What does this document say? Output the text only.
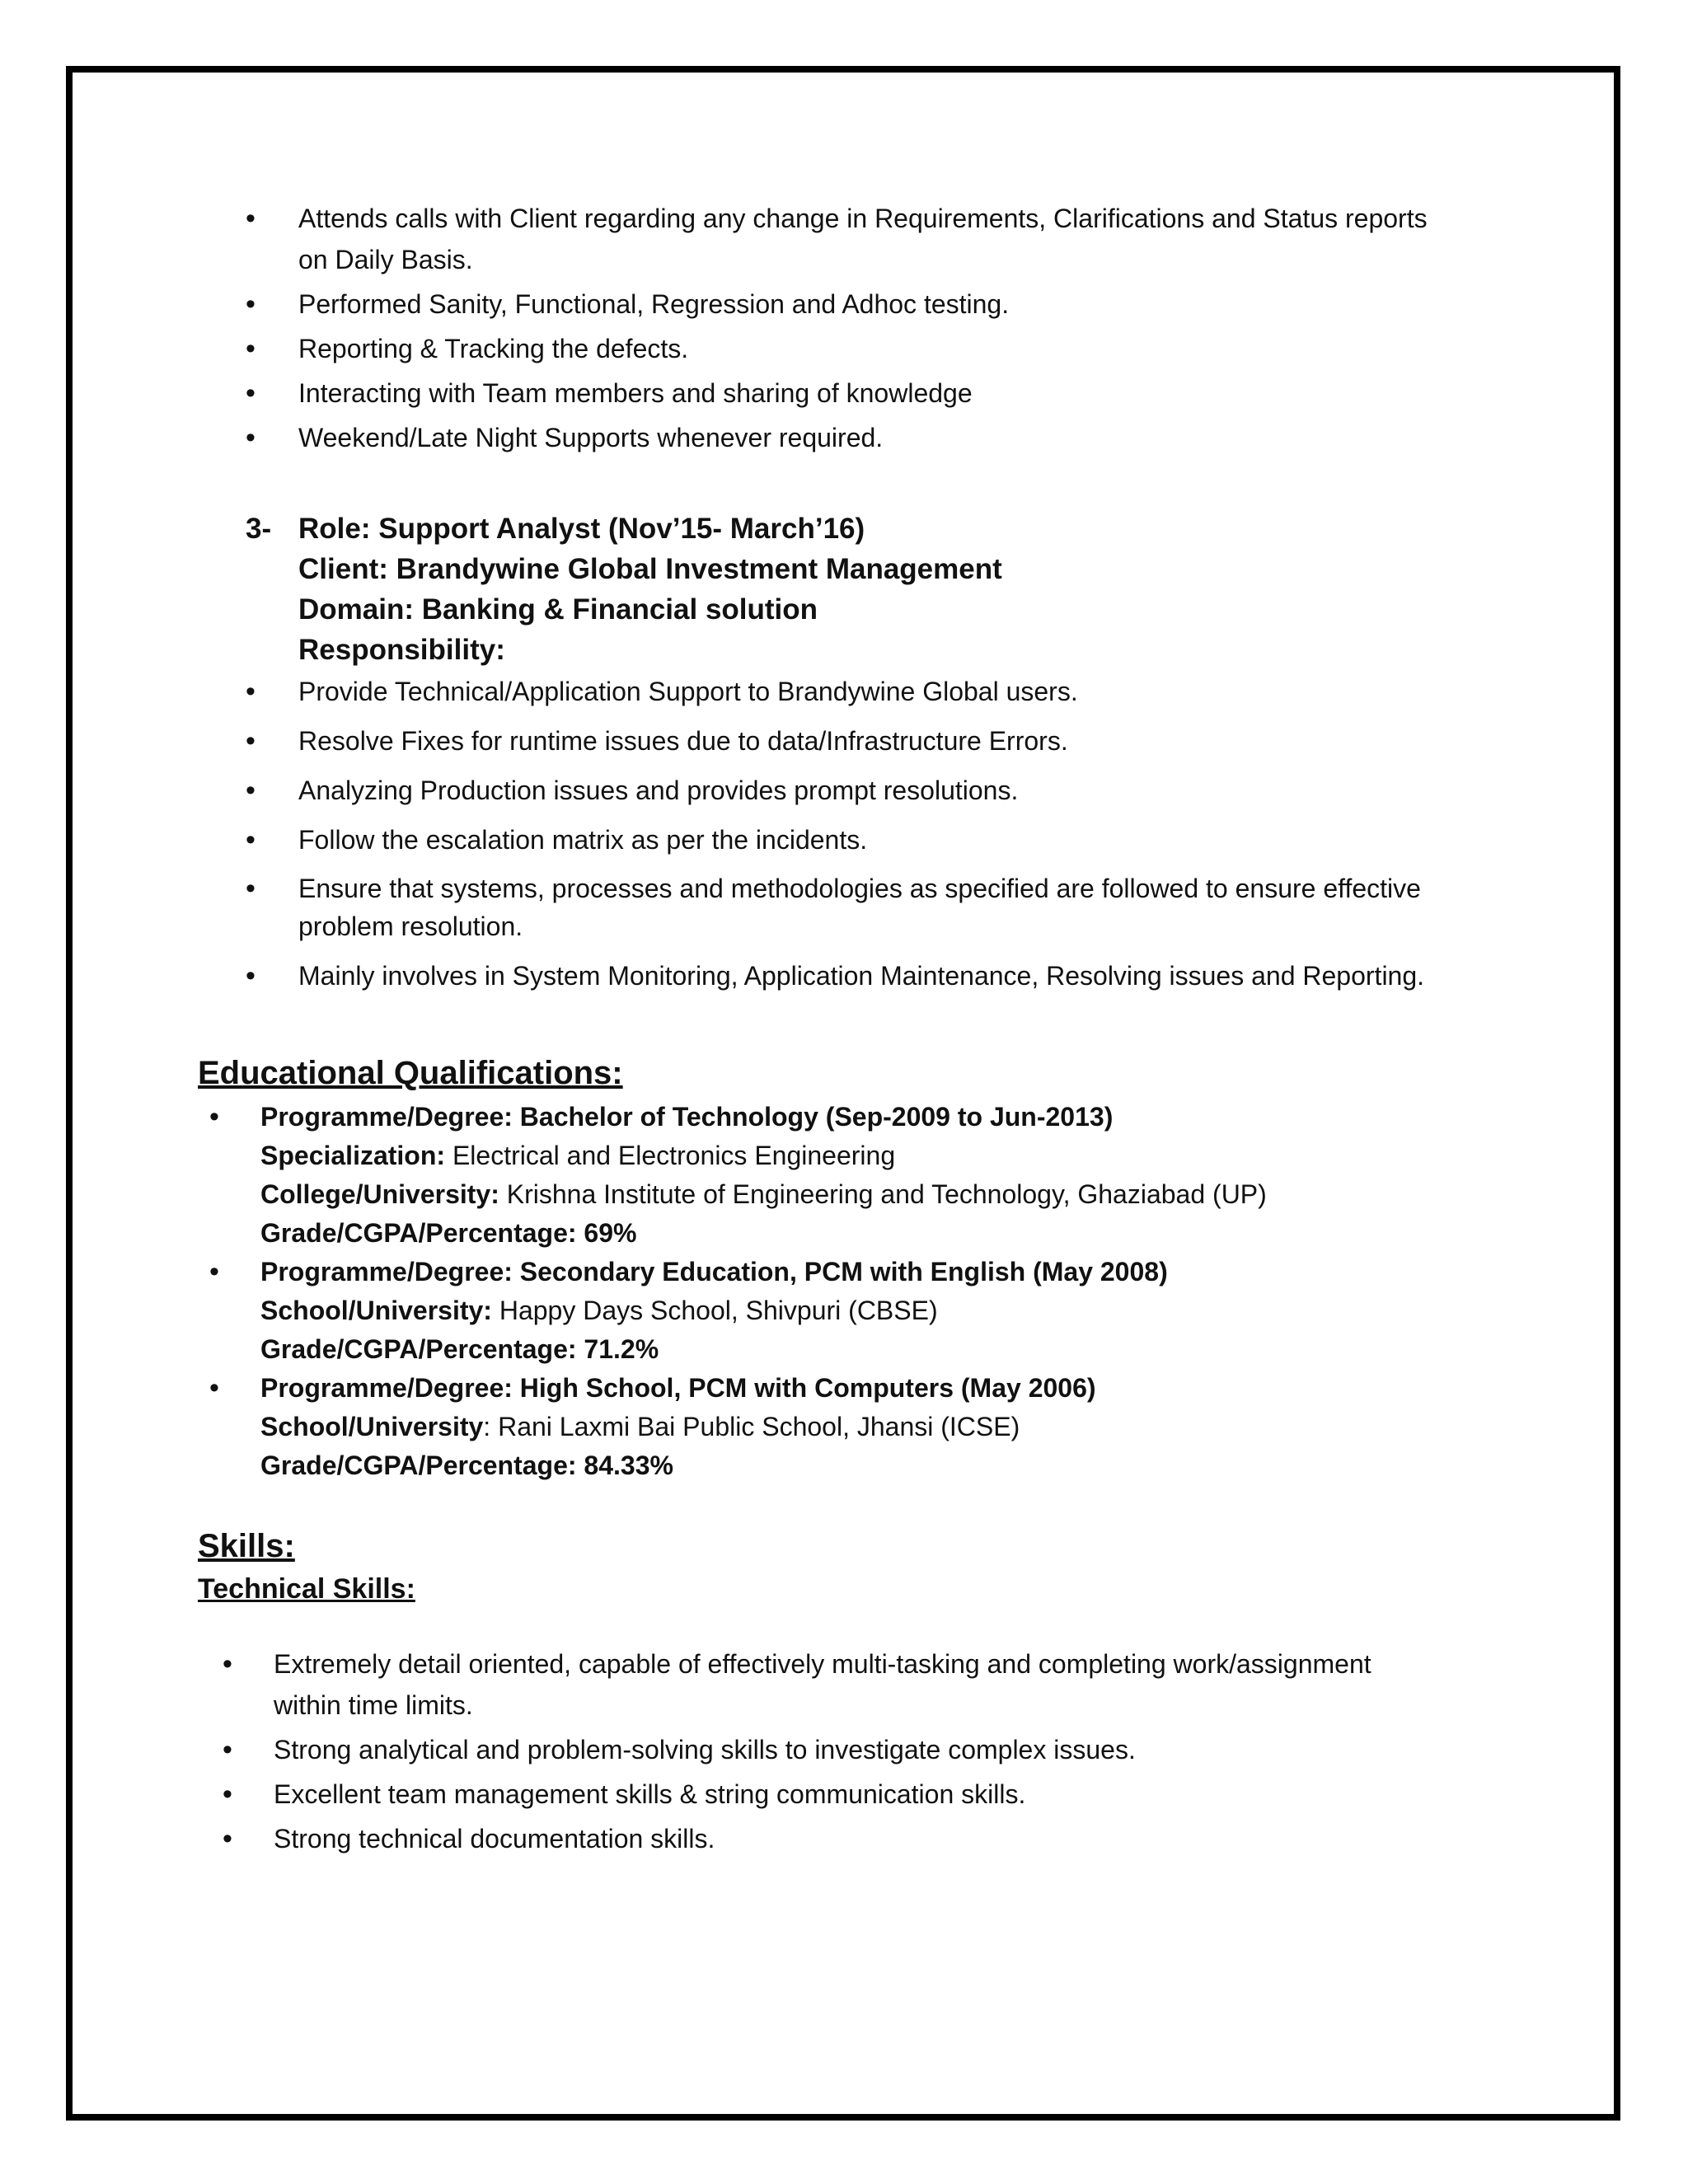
• Attends calls with Client regarding any change in Requirements, Clarifications and Status reports
on Daily Basis.
• Performed Sanity, Functional, Regression and Adhoc testing.
• Reporting & Tracking the defects.
• Interacting with Team members and sharing of knowledge
• Weekend/Late Night Supports whenever required.
3- Role: Support Analyst (Nov’15- March’16)
Client: Brandywine Global Investment Management
Domain: Banking & Financial solution
Responsibility:
• Provide Technical/Application Support to Brandywine Global users.
• Resolve Fixes for runtime issues due to data/Infrastructure Errors.
• Analyzing Production issues and provides prompt resolutions.
• Follow the escalation matrix as per the incidents.
• Ensure that systems, processes and methodologies as specified are followed to ensure effective
problem resolution.
• Mainly involves in System Monitoring, Application Maintenance, Resolving issues and Reporting.
Educational Qualifications:
• Programme/Degree: Bachelor of Technology (Sep-2009 to Jun-2013)
Specialization: Electrical and Electronics Engineering
College/University: Krishna Institute of Engineering and Technology, Ghaziabad (UP)
Grade/CGPA/Percentage: 69%
• Programme/Degree: Secondary Education, PCM with English (May 2008)
School/University: Happy Days School, Shivpuri (CBSE)
Grade/CGPA/Percentage: 71.2%
• Programme/Degree: High School, PCM with Computers (May 2006)
School/University: Rani Laxmi Bai Public School, Jhansi (ICSE)
Grade/CGPA/Percentage: 84.33%
Skills:
Technical Skills:
• Extremely detail oriented, capable of effectively multi-tasking and completing work/assignment
within time limits.
• Strong analytical and problem-solving skills to investigate complex issues.
• Excellent team management skills & string communication skills.
• Strong technical documentation skills.
